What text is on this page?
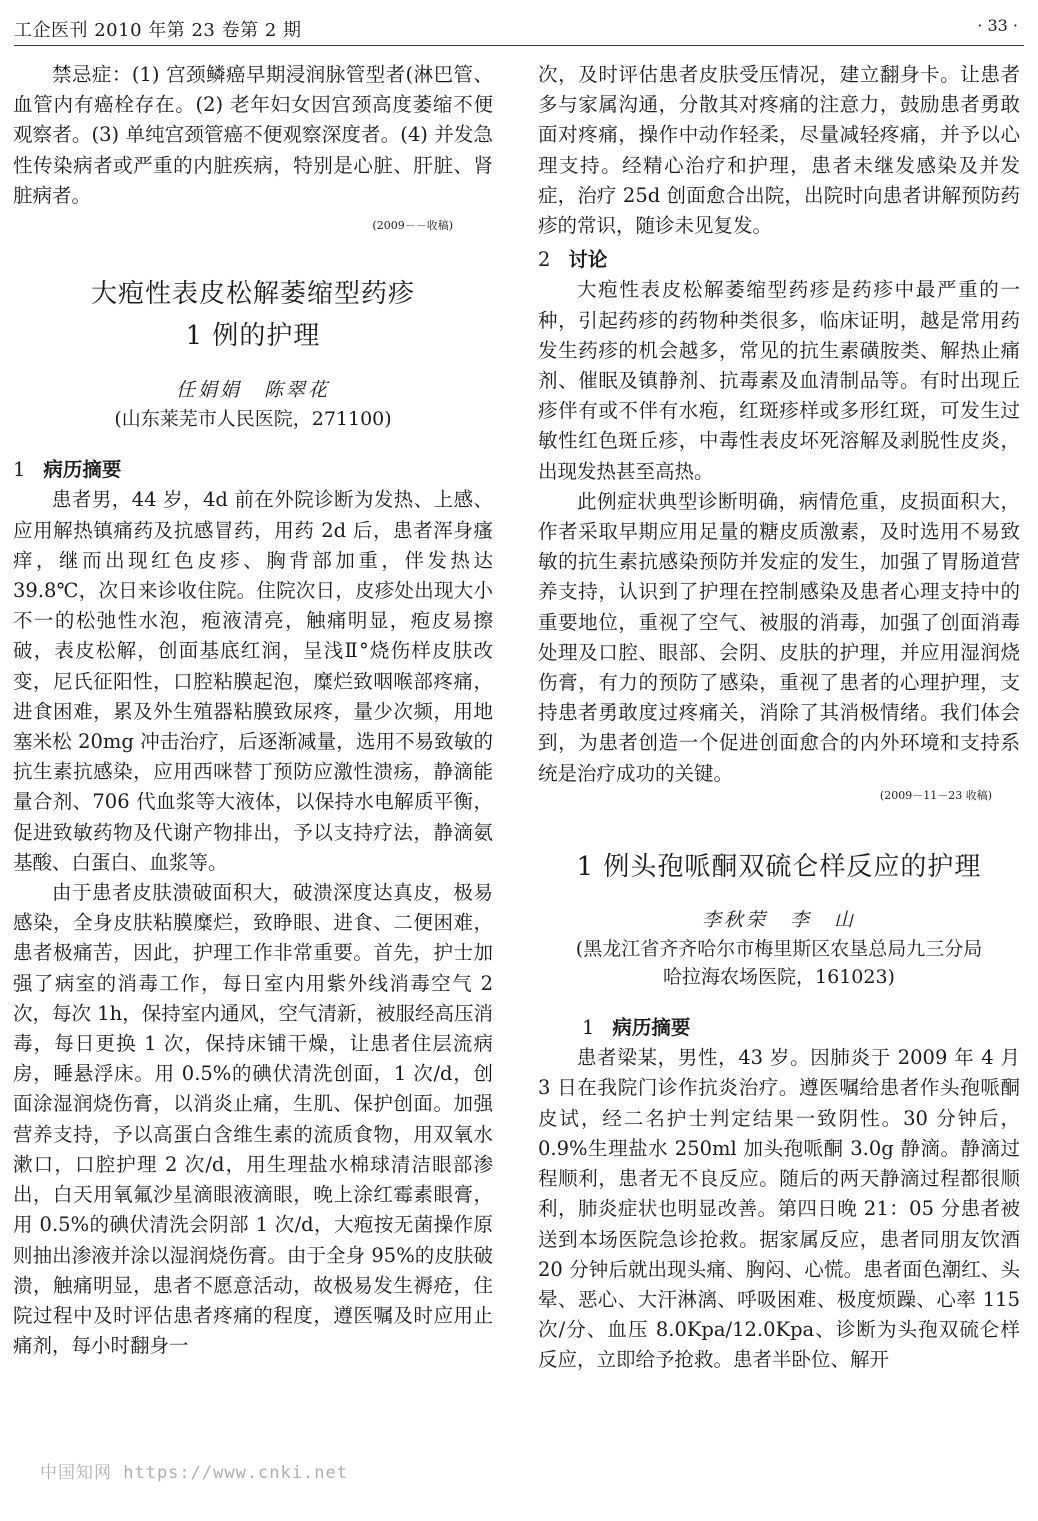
工企医刊 2010 年第 23 卷第 2 期	· 33 ·

禁忌症：(1) 宫颈鳞癌早期浸润脉管型者(淋巴管、血管内有癌栓存在。(2) 老年妇女因宫颈高度萎缩不便观察者。(3) 单纯宫颈管癌不便观察深度者。(4) 并发急性传染病者或严重的内脏疾病，特别是心脏、肝脏、肾脏病者。

(2009－－收稿)

大疱性表皮松解萎缩型药疹
1 例的护理
任娟娟　陈翠花
(山东莱芜市人民医院，271100)
1 病历摘要

患者男，44 岁，4d 前在外院诊断为发热、上感、应用解热镇痛药及抗感冒药，用药 2d 后，患者浑身瘙痒，继而出现红色皮疹、胸背部加重，伴发热达 39.8℃，次日来诊收住院。住院次日，皮疹处出现大小不一的松弛性水泡，疱液清亮，触痛明显，疱皮易擦破，表皮松解，创面基底红润，呈浅Ⅱ°烧伤样皮肤改变，尼氏征阳性，口腔粘膜起泡，糜烂致咽喉部疼痛，进食困难，累及外生殖器粘膜致尿疼，量少次频，用地塞米松 20mg 冲击治疗，后逐渐减量，选用不易致敏的抗生素抗感染，应用西咪替丁预防应激性溃疡，静滴能量合剂、706 代血浆等大液体，以保持水电解质平衡，促进致敏药物及代谢产物排出，予以支持疗法，静滴氨基酸、白蛋白、血浆等。

由于患者皮肤溃破面积大，破溃深度达真皮，极易感染，全身皮肤粘膜糜烂，致睁眼、进食、二便困难，患者极痛苦，因此，护理工作非常重要。首先，护士加强了病室的消毒工作，每日室内用紫外线消毒空气 2 次，每次 1h，保持室内通风，空气清新，被服经高压消毒，每日更换 1 次，保持床铺干燥，让患者住层流病房，睡悬浮床。用 0.5%的碘伏清洗创面，1 次/d，创面涂湿润烧伤膏，以消炎止痛，生肌、保护创面。加强营养支持，予以高蛋白含维生素的流质食物，用双氧水漱口，口腔护理 2 次/d，用生理盐水棉球清洁眼部渗出，白天用氧氟沙星滴眼液滴眼，晚上涂红霉素眼膏，用 0.5%的碘伏清洗会阴部 1 次/d，大疱按无菌操作原则抽出渗液并涂以湿润烧伤膏。由于全身 95%的皮肤破溃，触痛明显，患者不愿意活动，故极易发生褥疮，住院过程中及时评估患者疼痛的程度，遵医嘱及时应用止痛剂，每小时翻身一

次，及时评估患者皮肤受压情况，建立翻身卡。让患者多与家属沟通，分散其对疼痛的注意力，鼓励患者勇敢面对疼痛，操作中动作轻柔，尽量减轻疼痛，并予以心理支持。经精心治疗和护理，患者未继发感染及并发症，治疗 25d 创面愈合出院，出院时向患者讲解预防药疹的常识，随诊未见复发。

2 讨论

大疱性表皮松解萎缩型药疹是药疹中最严重的一种，引起药疹的药物种类很多，临床证明，越是常用药发生药疹的机会越多，常见的抗生素磺胺类、解热止痛剂、催眠及镇静剂、抗毒素及血清制品等。有时出现丘疹伴有或不伴有水疱，红斑疹样或多形红斑，可发生过敏性红色斑丘疹，中毒性表皮坏死溶解及剥脱性皮炎，出现发热甚至高热。

此例症状典型诊断明确，病情危重，皮损面积大，作者采取早期应用足量的糖皮质激素，及时选用不易致敏的抗生素抗感染预防并发症的发生，加强了胃肠道营养支持，认识到了护理在控制感染及患者心理支持中的重要地位，重视了空气、被服的消毒，加强了创面消毒处理及口腔、眼部、会阴、皮肤的护理，并应用湿润烧伤膏，有力的预防了感染，重视了患者的心理护理，支持患者勇敢度过疼痛关，消除了其消极情绪。我们体会到，为患者创造一个促进创面愈合的内外环境和支持系统是治疗成功的关键。

(2009－11－23 收稿)

1 例头孢哌酮双硫仑样反应的护理
李秋荣　李　山
(黑龙江省齐齐哈尔市梅里斯区农垦总局九三分局
哈拉海农场医院，161023)
1 病历摘要

患者梁某，男性，43 岁。因肺炎于 2009 年 4 月 3 日在我院门诊作抗炎治疗。遵医嘱给患者作头孢哌酮皮试，经二名护士判定结果一致阴性。30 分钟后，0.9%生理盐水 250ml 加头孢哌酮 3.0g 静滴。静滴过程顺利，患者无不良反应。随后的两天静滴过程都很顺利，肺炎症状也明显改善。第四日晚 21：05 分患者被送到本场医院急诊抢救。据家属反应，患者同朋友饮酒 20 分钟后就出现头痛、胸闷、心慌。患者面色潮红、头晕、恶心、大汗淋漓、呼吸困难、极度烦躁、心率 115 次/分、血压 8.0Kpa/12.0Kpa、诊断为头孢双硫仑样反应，立即给予抢救。患者半卧位、解开

中国知网 https://www.cnki.net
